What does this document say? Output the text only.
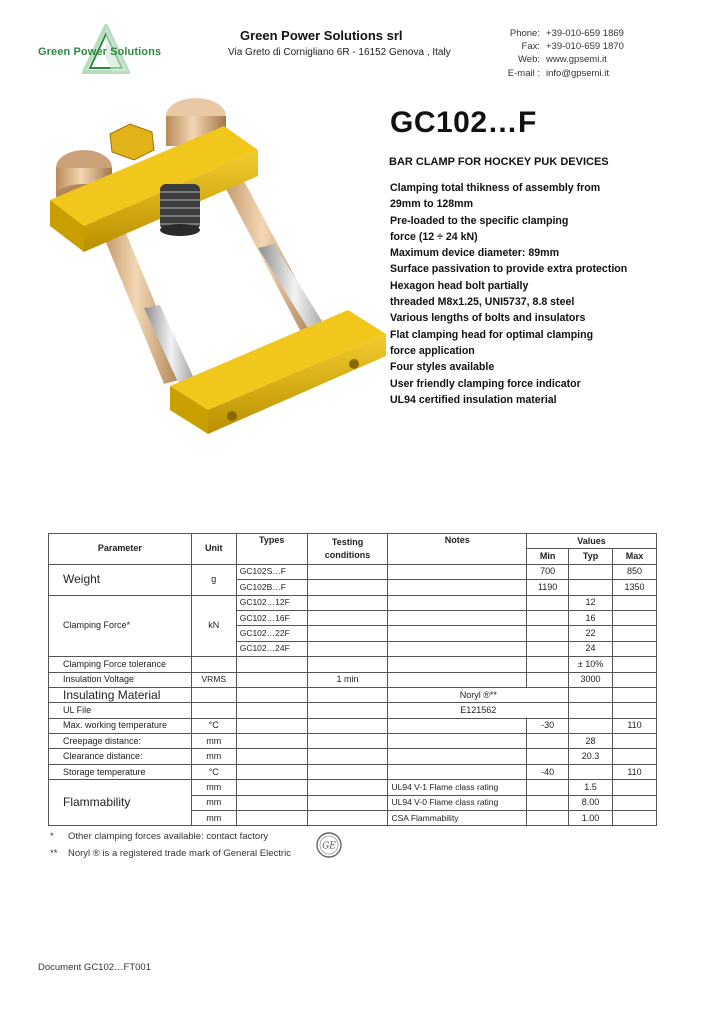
Green Power Solutions
Green Power Solutions srl
Via Greto di Cornigliano 6R - 16152 Genova , Italy
Phone: +39-010-659 1869
Fax: +39-010-659 1870
Web: www.gpsemi.it
E-mail : info@gpsemi.it
GC102…F
BAR CLAMP FOR HOCKEY PUK DEVICES
Clamping total thikness of assembly from
29mm to 128mm
Pre-loaded to the specific clamping
force (12 ÷ 24 kN)
Maximum device diameter: 89mm
Surface passivation to provide extra protection
Hexagon head bolt partially
threaded M8x1.25, UNI5737, 8.8 steel
Various lengths of bolts and insulators
Flat clamping head for optimal clamping
force application
Four styles available
User friendly clamping force indicator
UL94 certified insulation material
Parameter	Unit	Types	Testing conditions	Notes	Values		
					Min	Typ	Max
Weight	g	GC102S…F			700		850
		GC102B…F			1190		1350
Clamping Force*	kN	GC102…12F				12	
		GC102…16F				16	
		GC102…22F				22	
		GC102…24F				24	
Clamping Force tolerance						± 10%	
Insulation Voltage	VRMS		1 min			3000	
Insulating Material				Noryl ®**			
UL File				E121562			
Max. working temperature	°C				-30		110
Creepage distance:	mm					28	
Clearance distance:	mm					20.3	
Storage temperature	°C				-40		110
Flammability	mm			UL94 V-1 Flame class rating		1.5	
	mm			UL94 V-0 Flame class rating		8.00	
	mm			CSA Flammability		1.00	
*	Other clamping forces available: contact factory
**	Noryl ® is a registered trade mark of General Electric
GE
Document GC102…FT001
